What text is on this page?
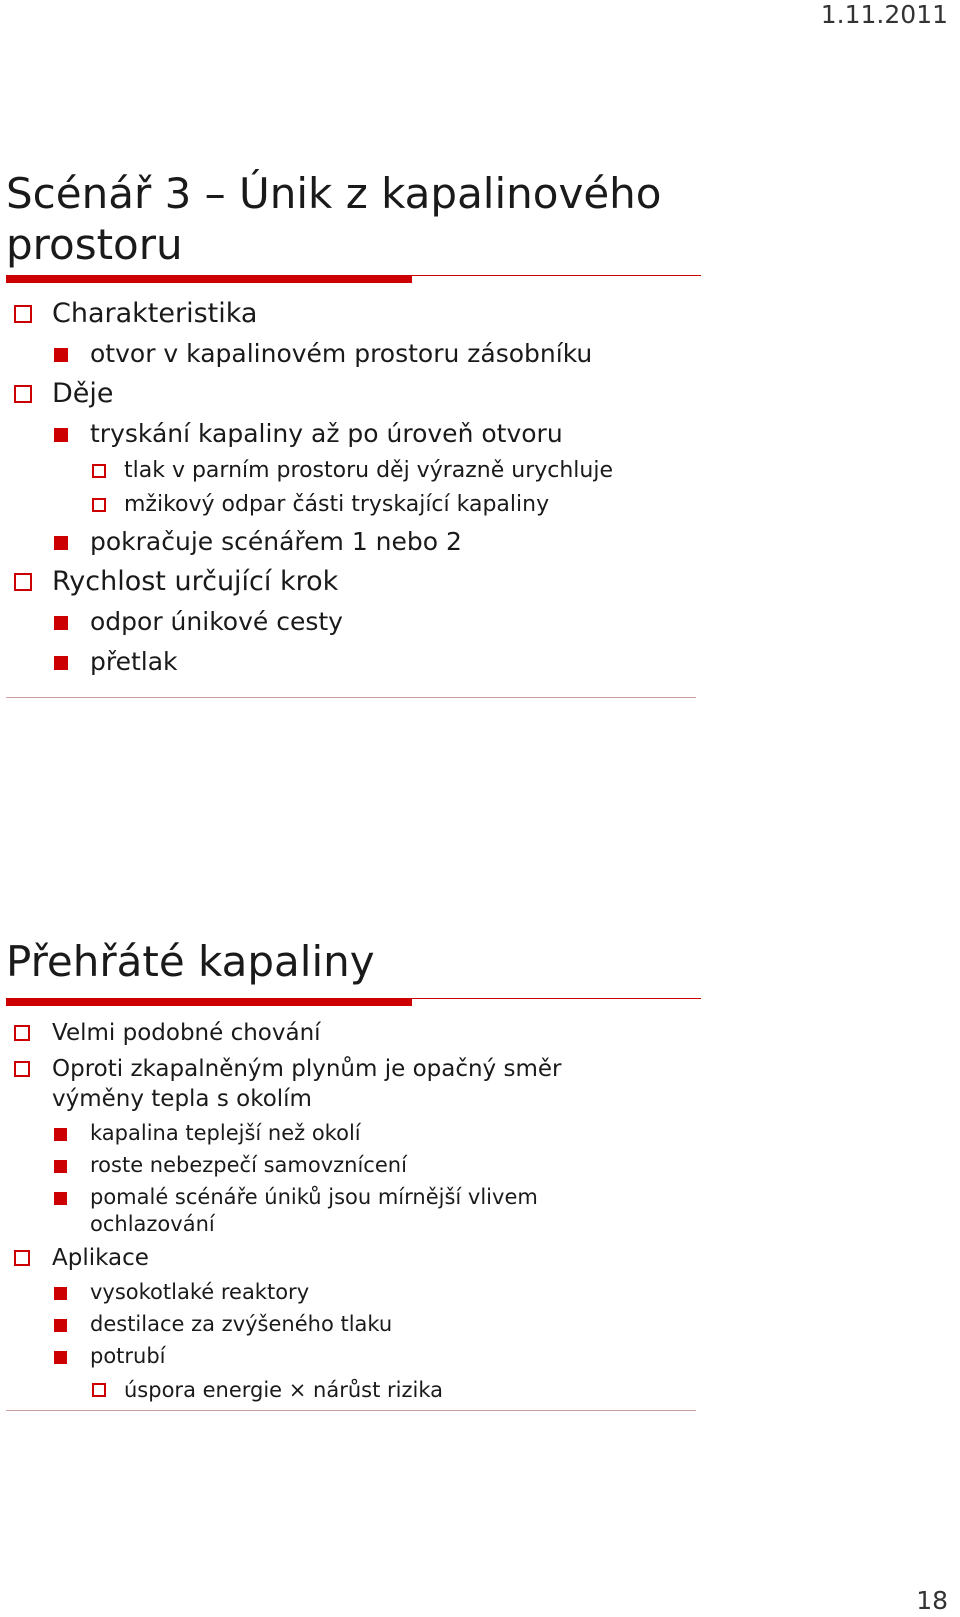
1.11.2011
Scénář 3 – Únik z kapalinového
prostoru
Charakteristika
otvor v kapalinovém prostoru zásobníku
Děje
tryskání kapaliny až po úroveň otvoru
tlak v parním prostoru děj výrazně urychluje
mžikový odpar části tryskající kapaliny
pokračuje scénářem 1 nebo 2
Rychlost určující krok
odpor únikové cesty
přetlak
Přehřáté kapaliny
Velmi podobné chování
Oproti zkapalněným plynům je opačný směr výměny tepla s okolím
kapalina teplejší než okolí
roste nebezpečí samovznícení
pomalé scénáře úniků jsou mírnější vlivem ochlazování
Aplikace
vysokotlaké reaktory
destilace za zvýšeného tlaku
potrubí
úspora energie × nárůst rizika
18
